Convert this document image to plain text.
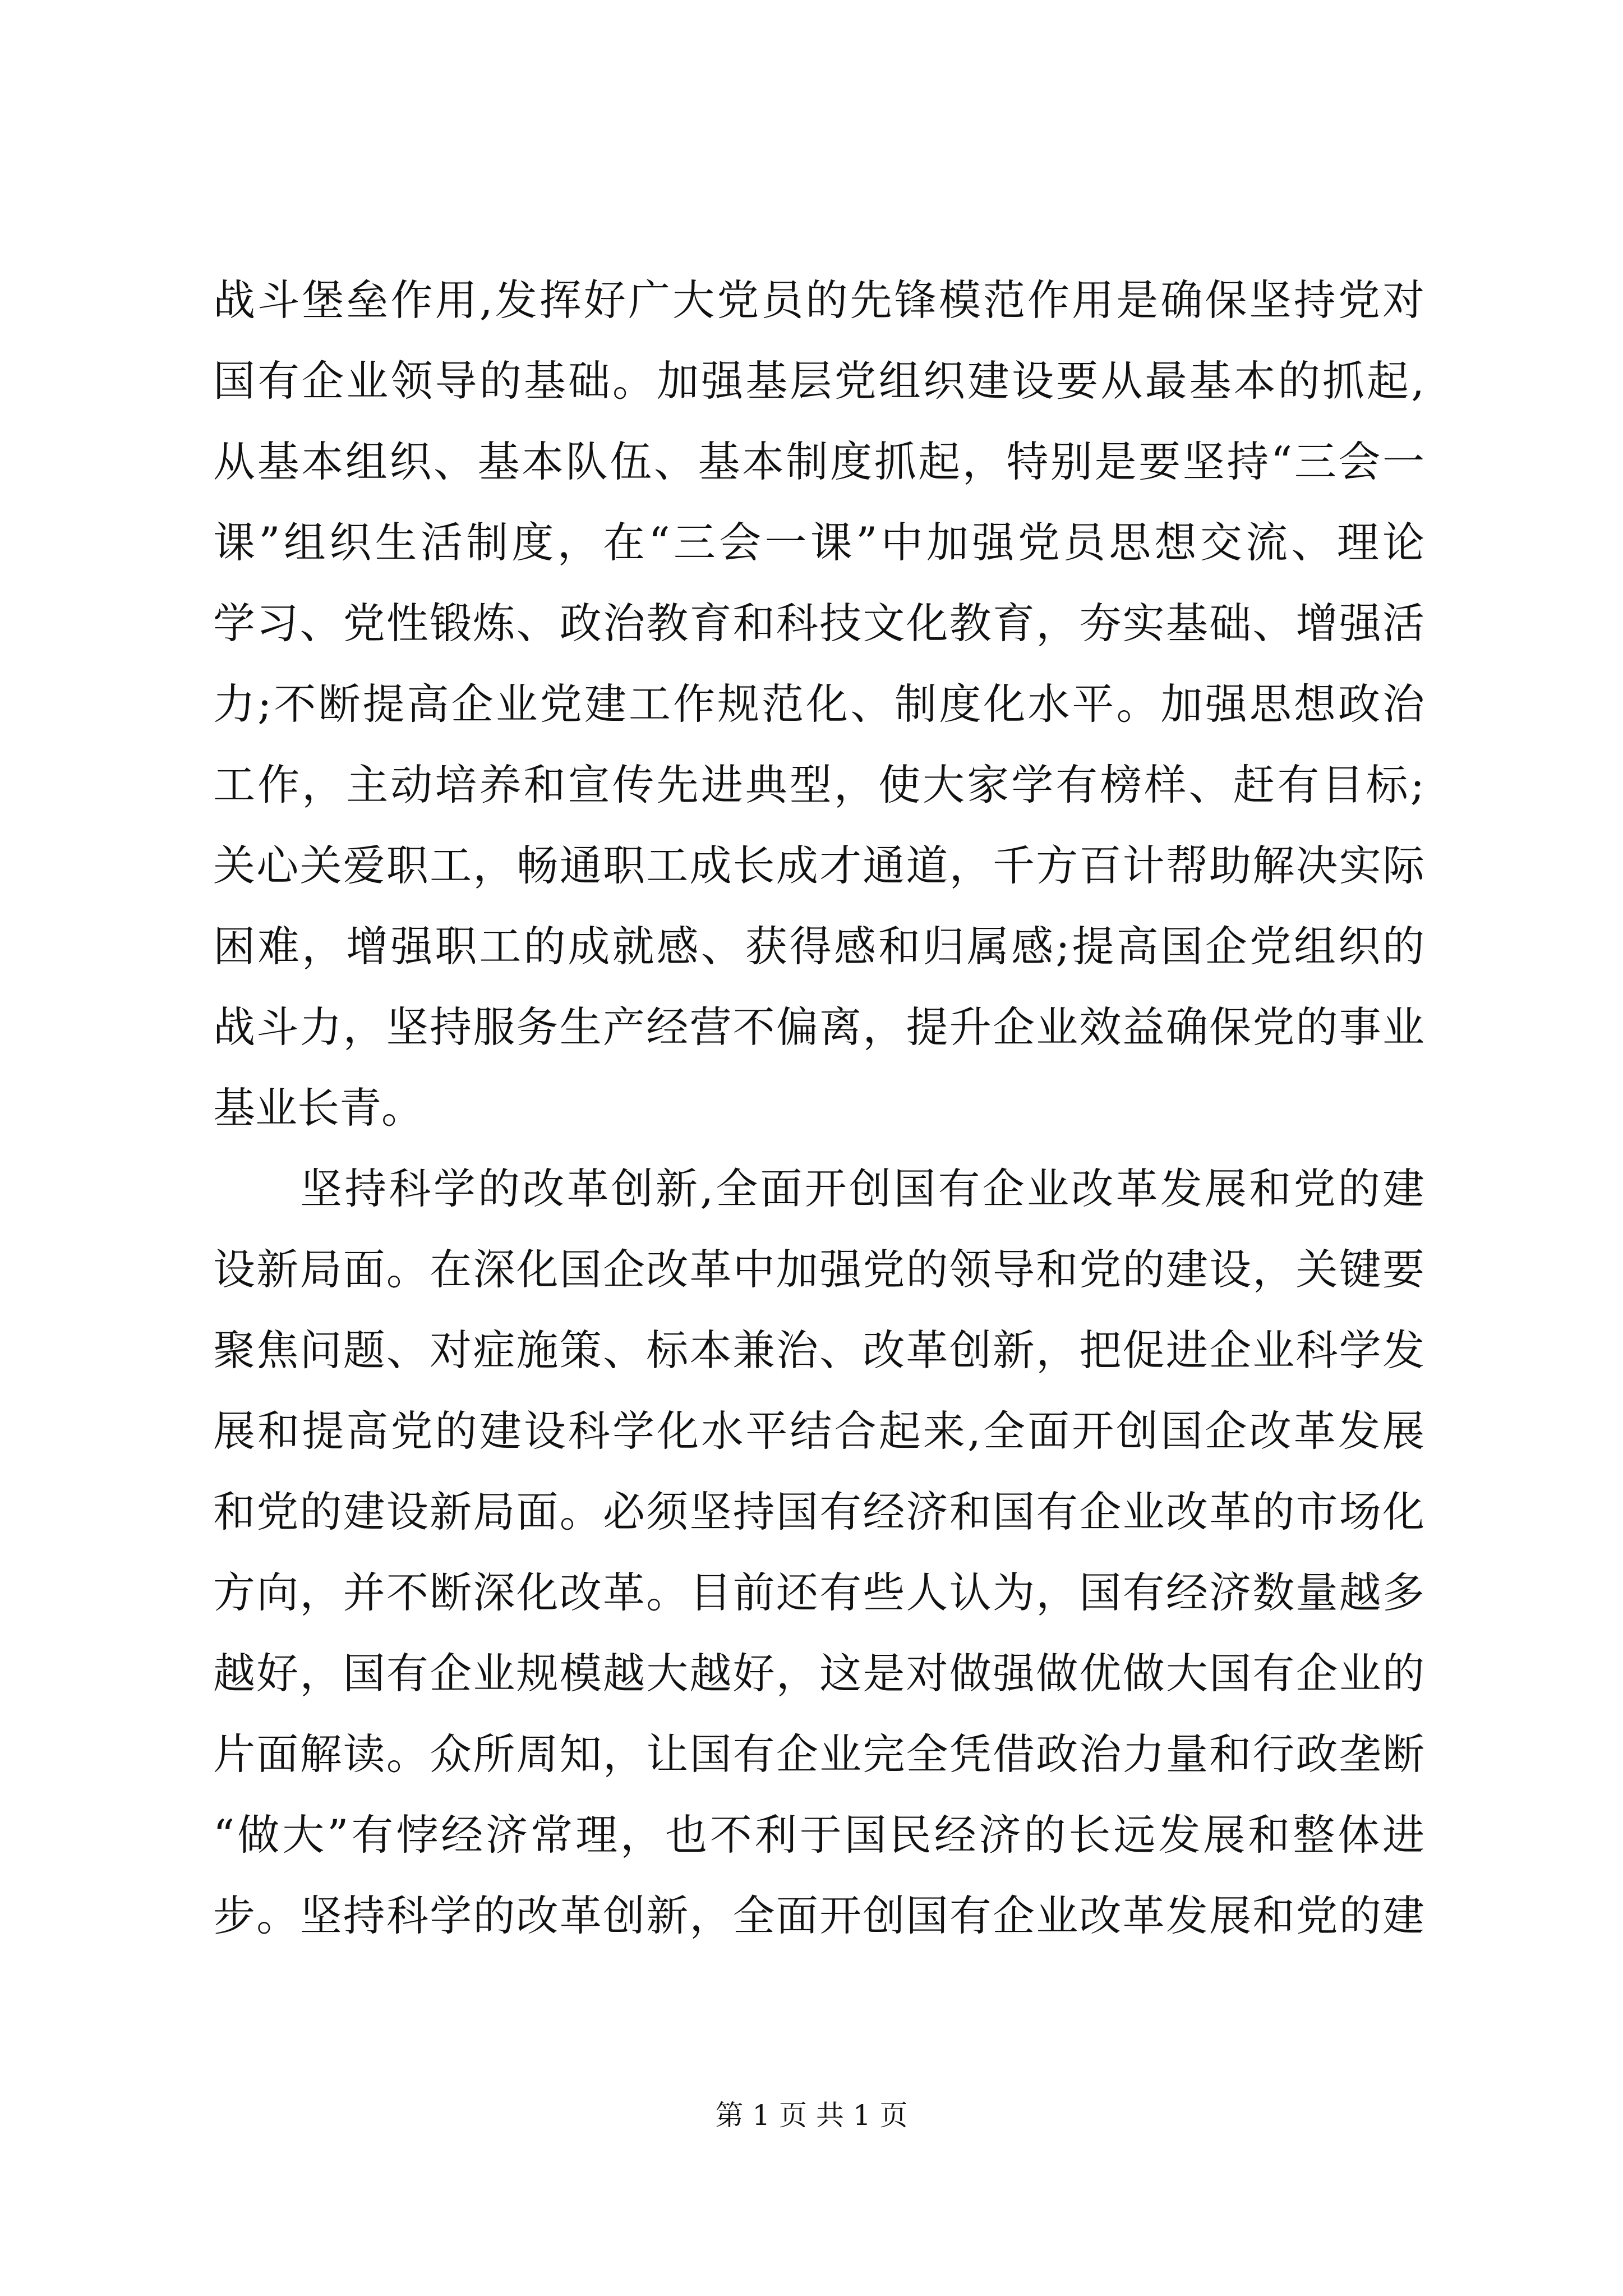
战斗堡垒作用,发挥好广大党员的先锋模范作用是确保坚持党对
国有企业领导的基础。加强基层党组织建设要从最基本的抓起,
从基本组织、基本队伍、基本制度抓起，特别是要坚持“三会一
课”组织生活制度，在“三会一课”中加强党员思想交流、理论
学习、党性锻炼、政治教育和科技文化教育，夯实基础、增强活
力;不断提高企业党建工作规范化、制度化水平。加强思想政治
工作，主动培养和宣传先进典型，使大家学有榜样、赶有目标;
关心关爱职工，畅通职工成长成才通道，千方百计帮助解决实际
困难，增强职工的成就感、获得感和归属感;提高国企党组织的
战斗力，坚持服务生产经营不偏离，提升企业效益确保党的事业
基业长青。
坚持科学的改革创新,全面开创国有企业改革发展和党的建
设新局面。在深化国企改革中加强党的领导和党的建设，关键要
聚焦问题、对症施策、标本兼治、改革创新，把促进企业科学发
展和提高党的建设科学化水平结合起来,全面开创国企改革发展
和党的建设新局面。必须坚持国有经济和国有企业改革的市场化
方向，并不断深化改革。目前还有些人认为，国有经济数量越多
越好，国有企业规模越大越好，这是对做强做优做大国有企业的
片面解读。众所周知，让国有企业完全凭借政治力量和行政垄断
“做大”有悖经济常理，也不利于国民经济的长远发展和整体进
步。坚持科学的改革创新，全面开创国有企业改革发展和党的建
第 1 页 共 1 页
